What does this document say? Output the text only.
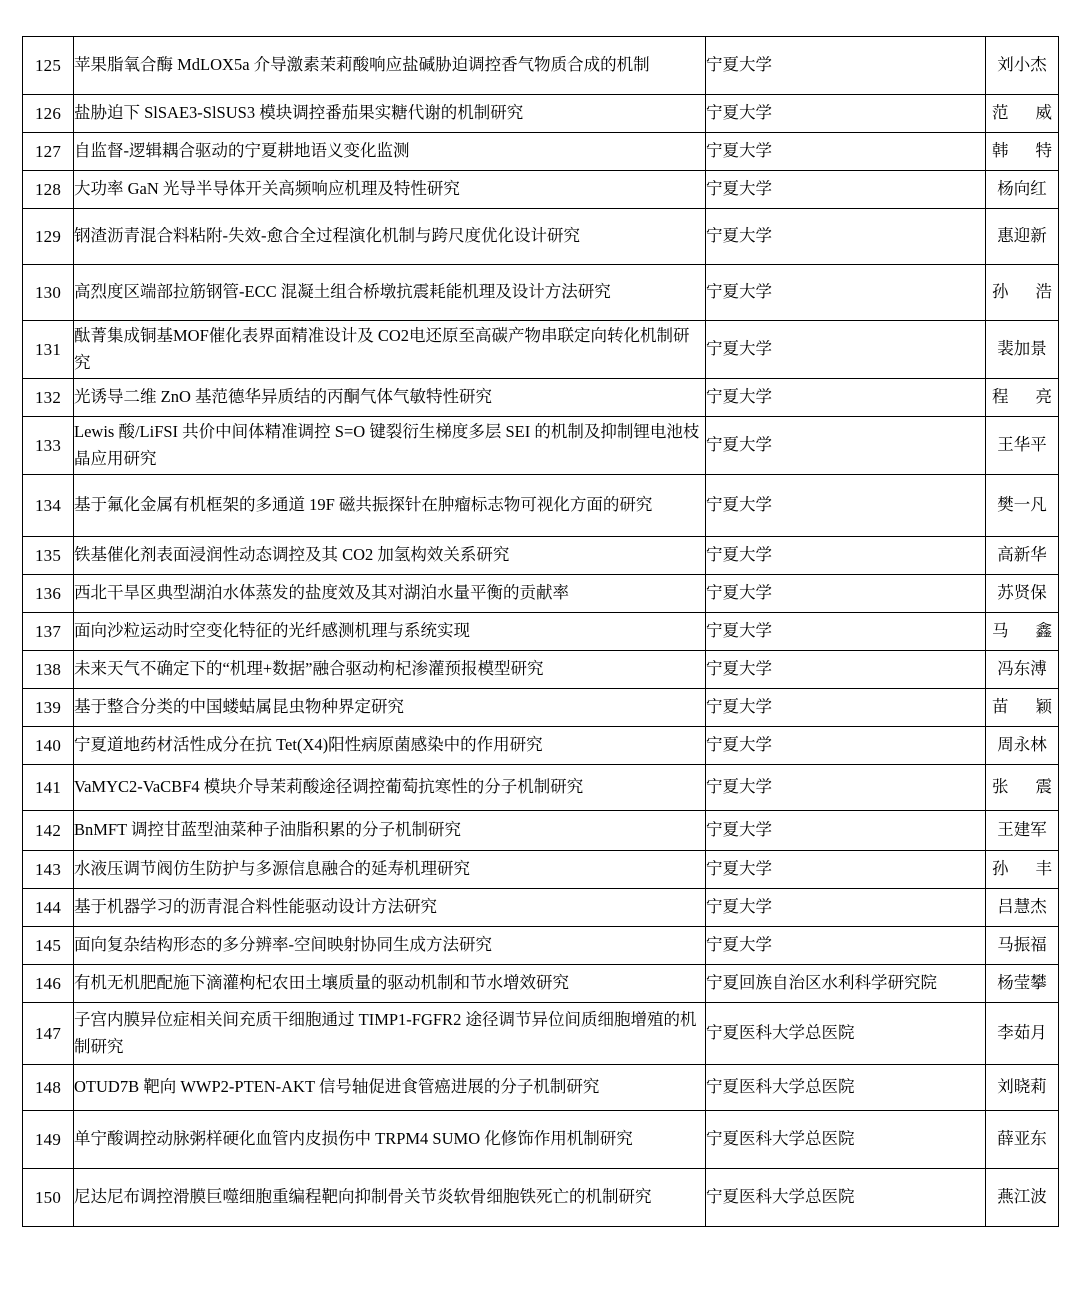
125	苹果脂氧合酶 MdLOX5a 介导激素茉莉酸响应盐碱胁迫调控香气物质合成的机制	宁夏大学	刘小杰
126	盐胁迫下 SlSAE3-SlSUS3 模块调控番茄果实糖代谢的机制研究	宁夏大学	范威
127	自监督-逻辑耦合驱动的宁夏耕地语义变化监测	宁夏大学	韩特
128	大功率 GaN 光导半导体开关高频响应机理及特性研究	宁夏大学	杨向红
129	钢渣沥青混合料粘附-失效-愈合全过程演化机制与跨尺度优化设计研究	宁夏大学	惠迎新
130	高烈度区端部拉筋钢管-ECC 混凝土组合桥墩抗震耗能机理及设计方法研究	宁夏大学	孙浩
131	酞菁集成铜基MOF催化表界面精准设计及 CO2电还原至高碳产物串联定向转化机制研究	宁夏大学	裴加景
132	光诱导二维 ZnO 基范德华异质结的丙酮气体气敏特性研究	宁夏大学	程亮
133	Lewis 酸/LiFSI 共价中间体精准调控 S=O 键裂衍生梯度多层 SEI 的机制及抑制锂电池枝晶应用研究	宁夏大学	王华平
134	基于氟化金属有机框架的多通道 19F 磁共振探针在肿瘤标志物可视化方面的研究	宁夏大学	樊一凡
135	铁基催化剂表面浸润性动态调控及其 CO2 加氢构效关系研究	宁夏大学	高新华
136	西北干旱区典型湖泊水体蒸发的盐度效及其对湖泊水量平衡的贡献率	宁夏大学	苏贤保
137	面向沙粒运动时空变化特征的光纤感测机理与系统实现	宁夏大学	马鑫
138	未来天气不确定下的“机理+数据”融合驱动枸杞渗灌预报模型研究	宁夏大学	冯东溥
139	基于整合分类的中国蝼蛄属昆虫物种界定研究	宁夏大学	苗颖
140	宁夏道地药材活性成分在抗 Tet(X4)阳性病原菌感染中的作用研究	宁夏大学	周永林
141	VaMYC2-VaCBF4 模块介导茉莉酸途径调控葡萄抗寒性的分子机制研究	宁夏大学	张震
142	BnMFT 调控甘蓝型油菜种子油脂积累的分子机制研究	宁夏大学	王建军
143	水液压调节阀仿生防护与多源信息融合的延寿机理研究	宁夏大学	孙丰
144	基于机器学习的沥青混合料性能驱动设计方法研究	宁夏大学	吕慧杰
145	面向复杂结构形态的多分辨率-空间映射协同生成方法研究	宁夏大学	马振福
146	有机无机肥配施下滴灌枸杞农田土壤质量的驱动机制和节水增效研究	宁夏回族自治区水利科学研究院	杨莹攀
147	子宫内膜异位症相关间充质干细胞通过 TIMP1-FGFR2 途径调节异位间质细胞增殖的机制研究	宁夏医科大学总医院	李茹月
148	OTUD7B 靶向 WWP2-PTEN-AKT 信号轴促进食管癌进展的分子机制研究	宁夏医科大学总医院	刘晓莉
149	单宁酸调控动脉粥样硬化血管内皮损伤中 TRPM4 SUMO 化修饰作用机制研究	宁夏医科大学总医院	薛亚东
150	尼达尼布调控滑膜巨噬细胞重编程靶向抑制骨关节炎软骨细胞铁死亡的机制研究	宁夏医科大学总医院	燕江波
